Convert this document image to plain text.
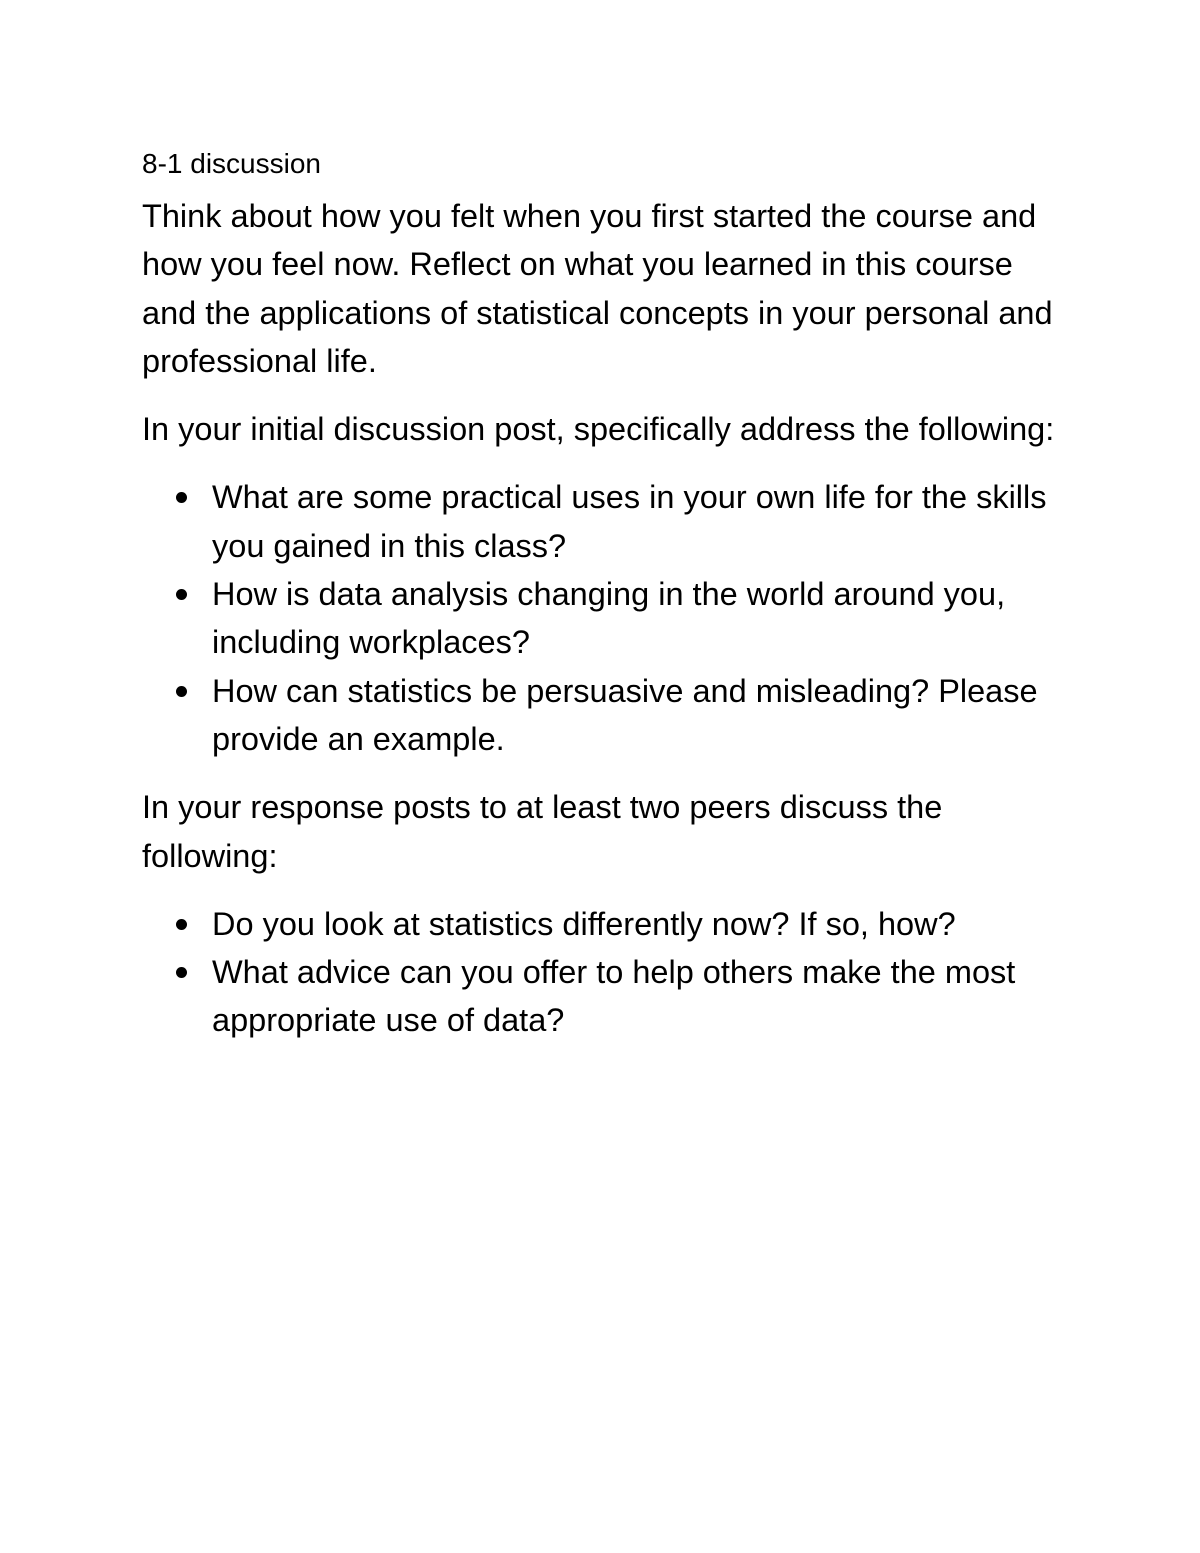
8-1 discussion

Think about how you felt when you first started the course and how you feel now. Reflect on what you learned in this course and the applications of statistical concepts in your personal and professional life.

In your initial discussion post, specifically address the following:

What are some practical uses in your own life for the skills you gained in this class?
How is data analysis changing in the world around you, including workplaces?
How can statistics be persuasive and misleading? Please provide an example.

In your response posts to at least two peers discuss the following:

Do you look at statistics differently now? If so, how?
What advice can you offer to help others make the most appropriate use of data?
